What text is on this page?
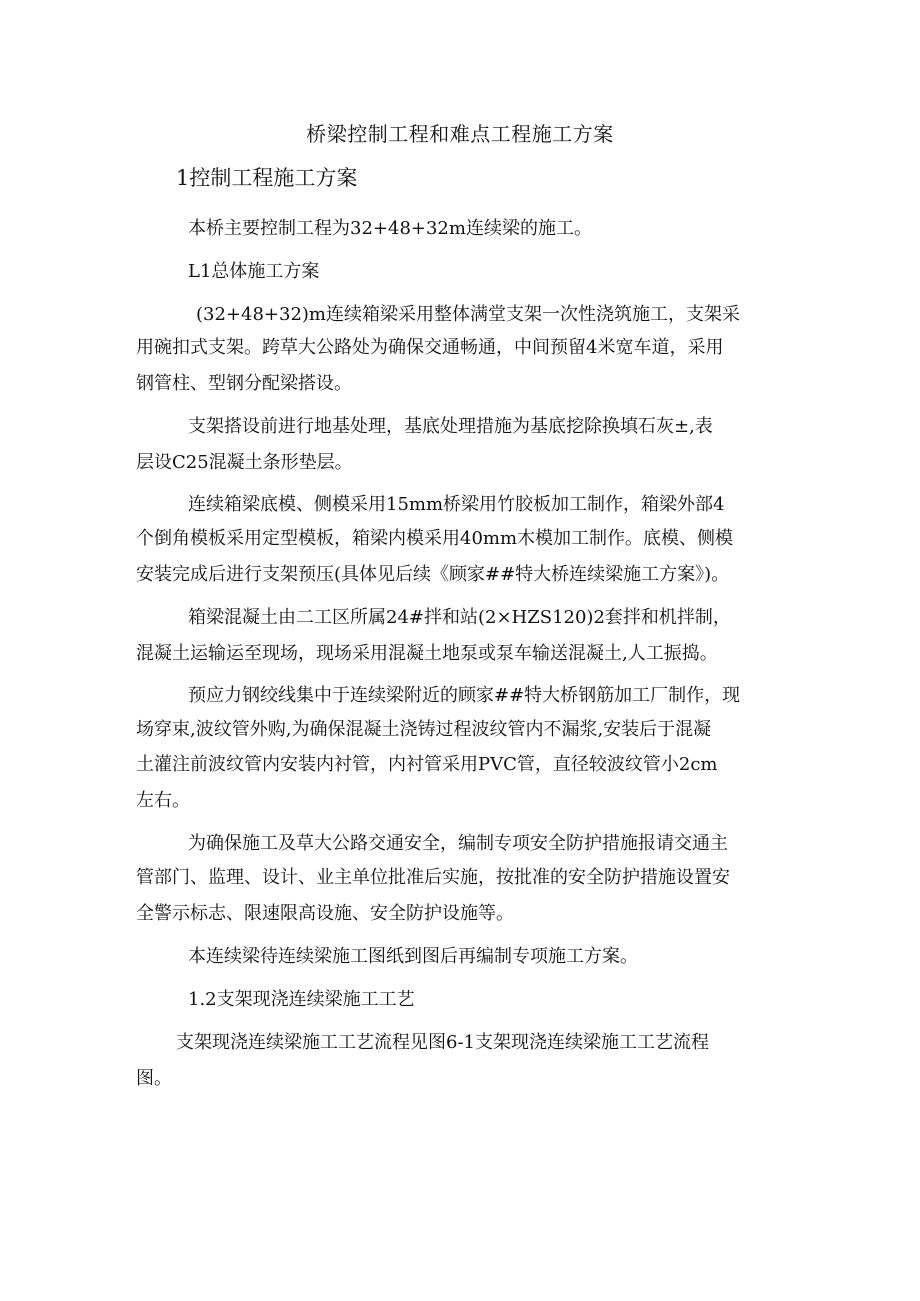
桥梁控制工程和难点工程施工方案
1控制工程施工方案
本桥主要控制工程为32+48+32m连续梁的施工。
L1总体施工方案
(32+48+32)m连续箱梁采用整体满堂支架一次性浇筑施工，支架采
用碗扣式支架。跨草大公路处为确保交通畅通，中间预留4米宽车道，采用
钢管柱、型钢分配梁搭设。
支架搭设前进行地基处理，基底处理措施为基底挖除换填石灰±,表
层设C25混凝土条形垫层。
连续箱梁底模、侧模采用15mm桥梁用竹胶板加工制作，箱梁外部4
个倒角模板采用定型模板，箱梁内模采用40mm木模加工制作。底模、侧模
安装完成后进行支架预压(具体见后续《顾家##特大桥连续梁施工方案》)。
箱梁混凝土由二工区所属24#拌和站(2×HZS120)2套拌和机拌制，
混凝土运输运至现场，现场采用混凝土地泵或泵车输送混凝土,人工振捣。
预应力钢绞线集中于连续梁附近的顾家##特大桥钢筋加工厂制作，现
场穿束,波纹管外购,为确保混凝土浇铸过程波纹管内不漏浆,安装后于混凝
土灌注前波纹管内安装内衬管，内衬管采用PVC管，直径较波纹管小2cm
左右。
为确保施工及草大公路交通安全，编制专项安全防护措施报请交通主
管部门、监理、设计、业主单位批准后实施，按批准的安全防护措施设置安
全警示标志、限速限高设施、安全防护设施等。
本连续梁待连续梁施工图纸到图后再编制专项施工方案。
1.2支架现浇连续梁施工工艺
支架现浇连续梁施工工艺流程见图6-1支架现浇连续梁施工工艺流程
图。
